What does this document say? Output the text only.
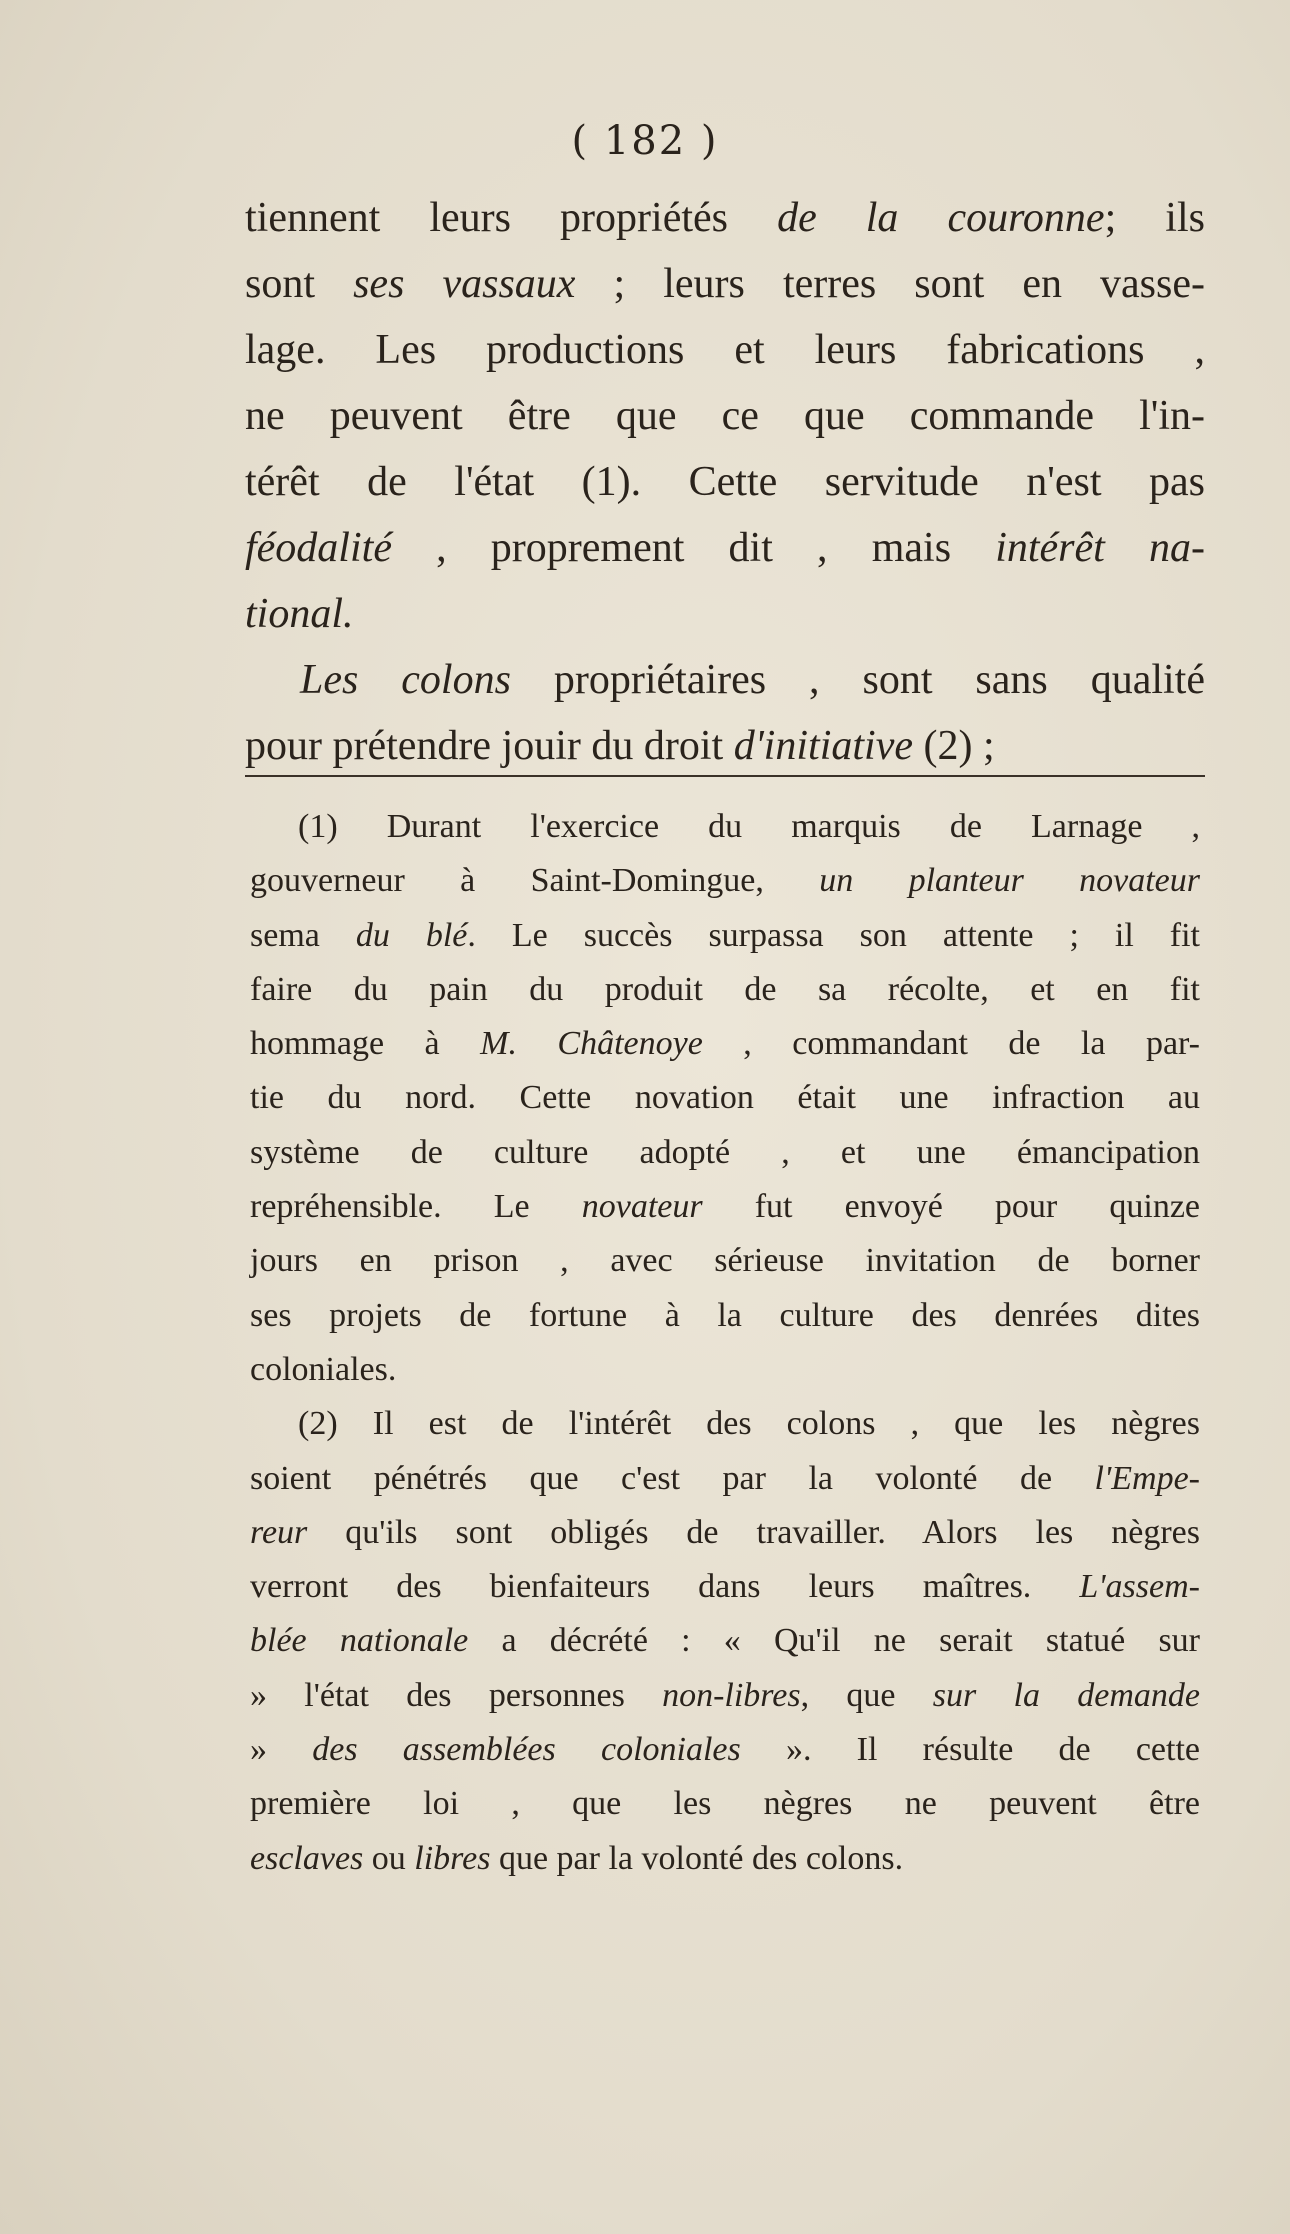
( 182 )
tiennent leurs propriétés de la couronne; ils
sont ses vassaux ; leurs terres sont en vasse-
lage. Les productions et leurs fabrications ,
ne peuvent être que ce que commande l'in-
térêt de l'état (1). Cette servitude n'est pas
féodalité , proprement dit , mais intérêt na-
tional.
Les colons propriétaires , sont sans qualité
pour prétendre jouir du droit d'initiative (2) ;
(1) Durant l'exercice du marquis de Larnage ,
gouverneur à Saint-Domingue, un planteur novateur
sema du blé. Le succès surpassa son attente ; il fit
faire du pain du produit de sa récolte, et en fit
hommage à M. Châtenoye , commandant de la par-
tie du nord. Cette novation était une infraction au
système de culture adopté , et une émancipation
repréhensible. Le novateur fut envoyé pour quinze
jours en prison , avec sérieuse invitation de borner
ses projets de fortune à la culture des denrées dites
coloniales.
(2) Il est de l'intérêt des colons , que les nègres
soient pénétrés que c'est par la volonté de l'Empe-
reur qu'ils sont obligés de travailler. Alors les nègres
verront des bienfaiteurs dans leurs maîtres. L'assem-
blée nationale a décrété : « Qu'il ne serait statué sur
» l'état des personnes non-libres, que sur la demande
» des assemblées coloniales ». Il résulte de cette
première loi , que les nègres ne peuvent être
esclaves ou libres que par la volonté des colons.
